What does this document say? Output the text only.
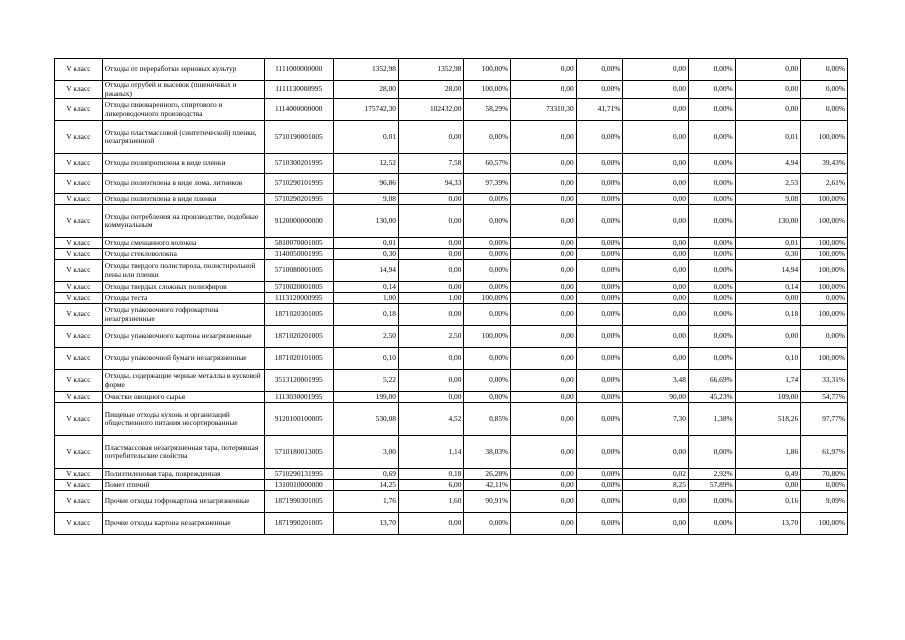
V класс	Отходы от переработки зерновых культур	1111000000000	1352,98	1352,98	100,00%	0,00	0,00%	0,00	0,00%	0,00	0,00%
V класс	Отходы отрубей и высевок (пшеничных и ржаных)	1111130008995	28,00	28,00	100,00%	0,00	0,00%	0,00	0,00%	0,00	0,00%
V класс	Отходы пивоваренного, спиртового и ликероводочного производства	1114000000000	175742,30	102432,00	58,29%	73310,30	41,71%	0,00	0,00%	0,00	0,00%
V класс	Отходы пластмассовой (синтетической) пленки, незагрязненной	5710190001005	0,01	0,00	0,00%	0,00	0,00%	0,00	0,00%	0,01	100,00%
V класс	Отходы полипропилена в виде пленки	5710300201995	12,52	7,58	60,57%	0,00	0,00%	0,00	0,00%	4,94	39,43%
V класс	Отходы полиэтилена в виде лома, литников	5710290101995	96,86	94,33	97,39%	0,00	0,00%	0,00	0,00%	2,53	2,61%
V класс	Отходы полиэтилена в виде пленки	5710290201995	9,08	0,00	0,00%	0,00	0,00%	0,00	0,00%	9,08	100,00%
V класс	Отходы потребления на производстве, подобные коммунальным	9120000000000	130,00	0,00	0,00%	0,00	0,00%	0,00	0,00%	130,00	100,00%
V класс	Отходы смешанного волокна	5810070001005	0,01	0,00	0,00%	0,00	0,00%	0,00	0,00%	0,01	100,00%
V класс	Отходы стекловолокна	3140050001995	0,30	0,00	0,00%	0,00	0,00%	0,00	0,00%	0,30	100,00%
V класс	Отходы твердого полистирола, полистирольной пены или пленки	5710080001005	14,94	0,00	0,00%	0,00	0,00%	0,00	0,00%	14,94	100,00%
V класс	Отходы твердых сложных полиэфиров	5710020001005	0,14	0,00	0,00%	0,00	0,00%	0,00	0,00%	0,14	100,00%
V класс	Отходы теста	1113120000995	1,00	1,00	100,00%	0,00	0,00%	0,00	0,00%	0,00	0,00%
V класс	Отходы упаковочного гофрокартона незагрязненные	1871020301005	0,18	0,00	0,00%	0,00	0,00%	0,00	0,00%	0,18	100,00%
V класс	Отходы упаковочного картона незагрязненные	1871020201005	2,50	2,50	100,00%	0,00	0,00%	0,00	0,00%	0,00	0,00%
V класс	Отходы упаковочной бумаги незагрязненные	1871020101005	0,10	0,00	0,00%	0,00	0,00%	0,00	0,00%	0,10	100,00%
V класс	Отходы, содержащие черные металлы в кусковой форме	3513120001995	5,22	0,00	0,00%	0,00	0,00%	3,48	66,69%	1,74	33,31%
V класс	Очистки овощного сырья	1113030001995	199,00	0,00	0,00%	0,00	0,00%	90,00	45,23%	109,00	54,77%
V класс	Пищевые отходы кухонь и организаций общественного питания несортированные	9120100100005	530,08	4,52	0,85%	0,00	0,00%	7,30	1,38%	518,26	97,77%
V класс	Пластмассовая незагрязненная тара, потерявшая потребительские свойства	5710180013005	3,00	1,14	38,03%	0,00	0,00%	0,00	0,00%	1,86	61,97%
V класс	Полиэтиленовая тара, поврежденная	5710290131995	0,69	0,18	26,28%	0,00	0,00%	0,02	2,92%	0,49	70,80%
V класс	Помет птичий	1310010000000	14,25	6,00	42,11%	0,00	0,00%	8,25	57,89%	0,00	0,00%
V класс	Прочие отходы гофрокартона незагрязненные	1871990301005	1,76	1,60	90,91%	0,00	0,00%	0,00	0,00%	0,16	9,09%
V класс	Прочие отходы картона незагрязненные	1871990201005	13,70	0,00	0,00%	0,00	0,00%	0,00	0,00%	13,70	100,00%
